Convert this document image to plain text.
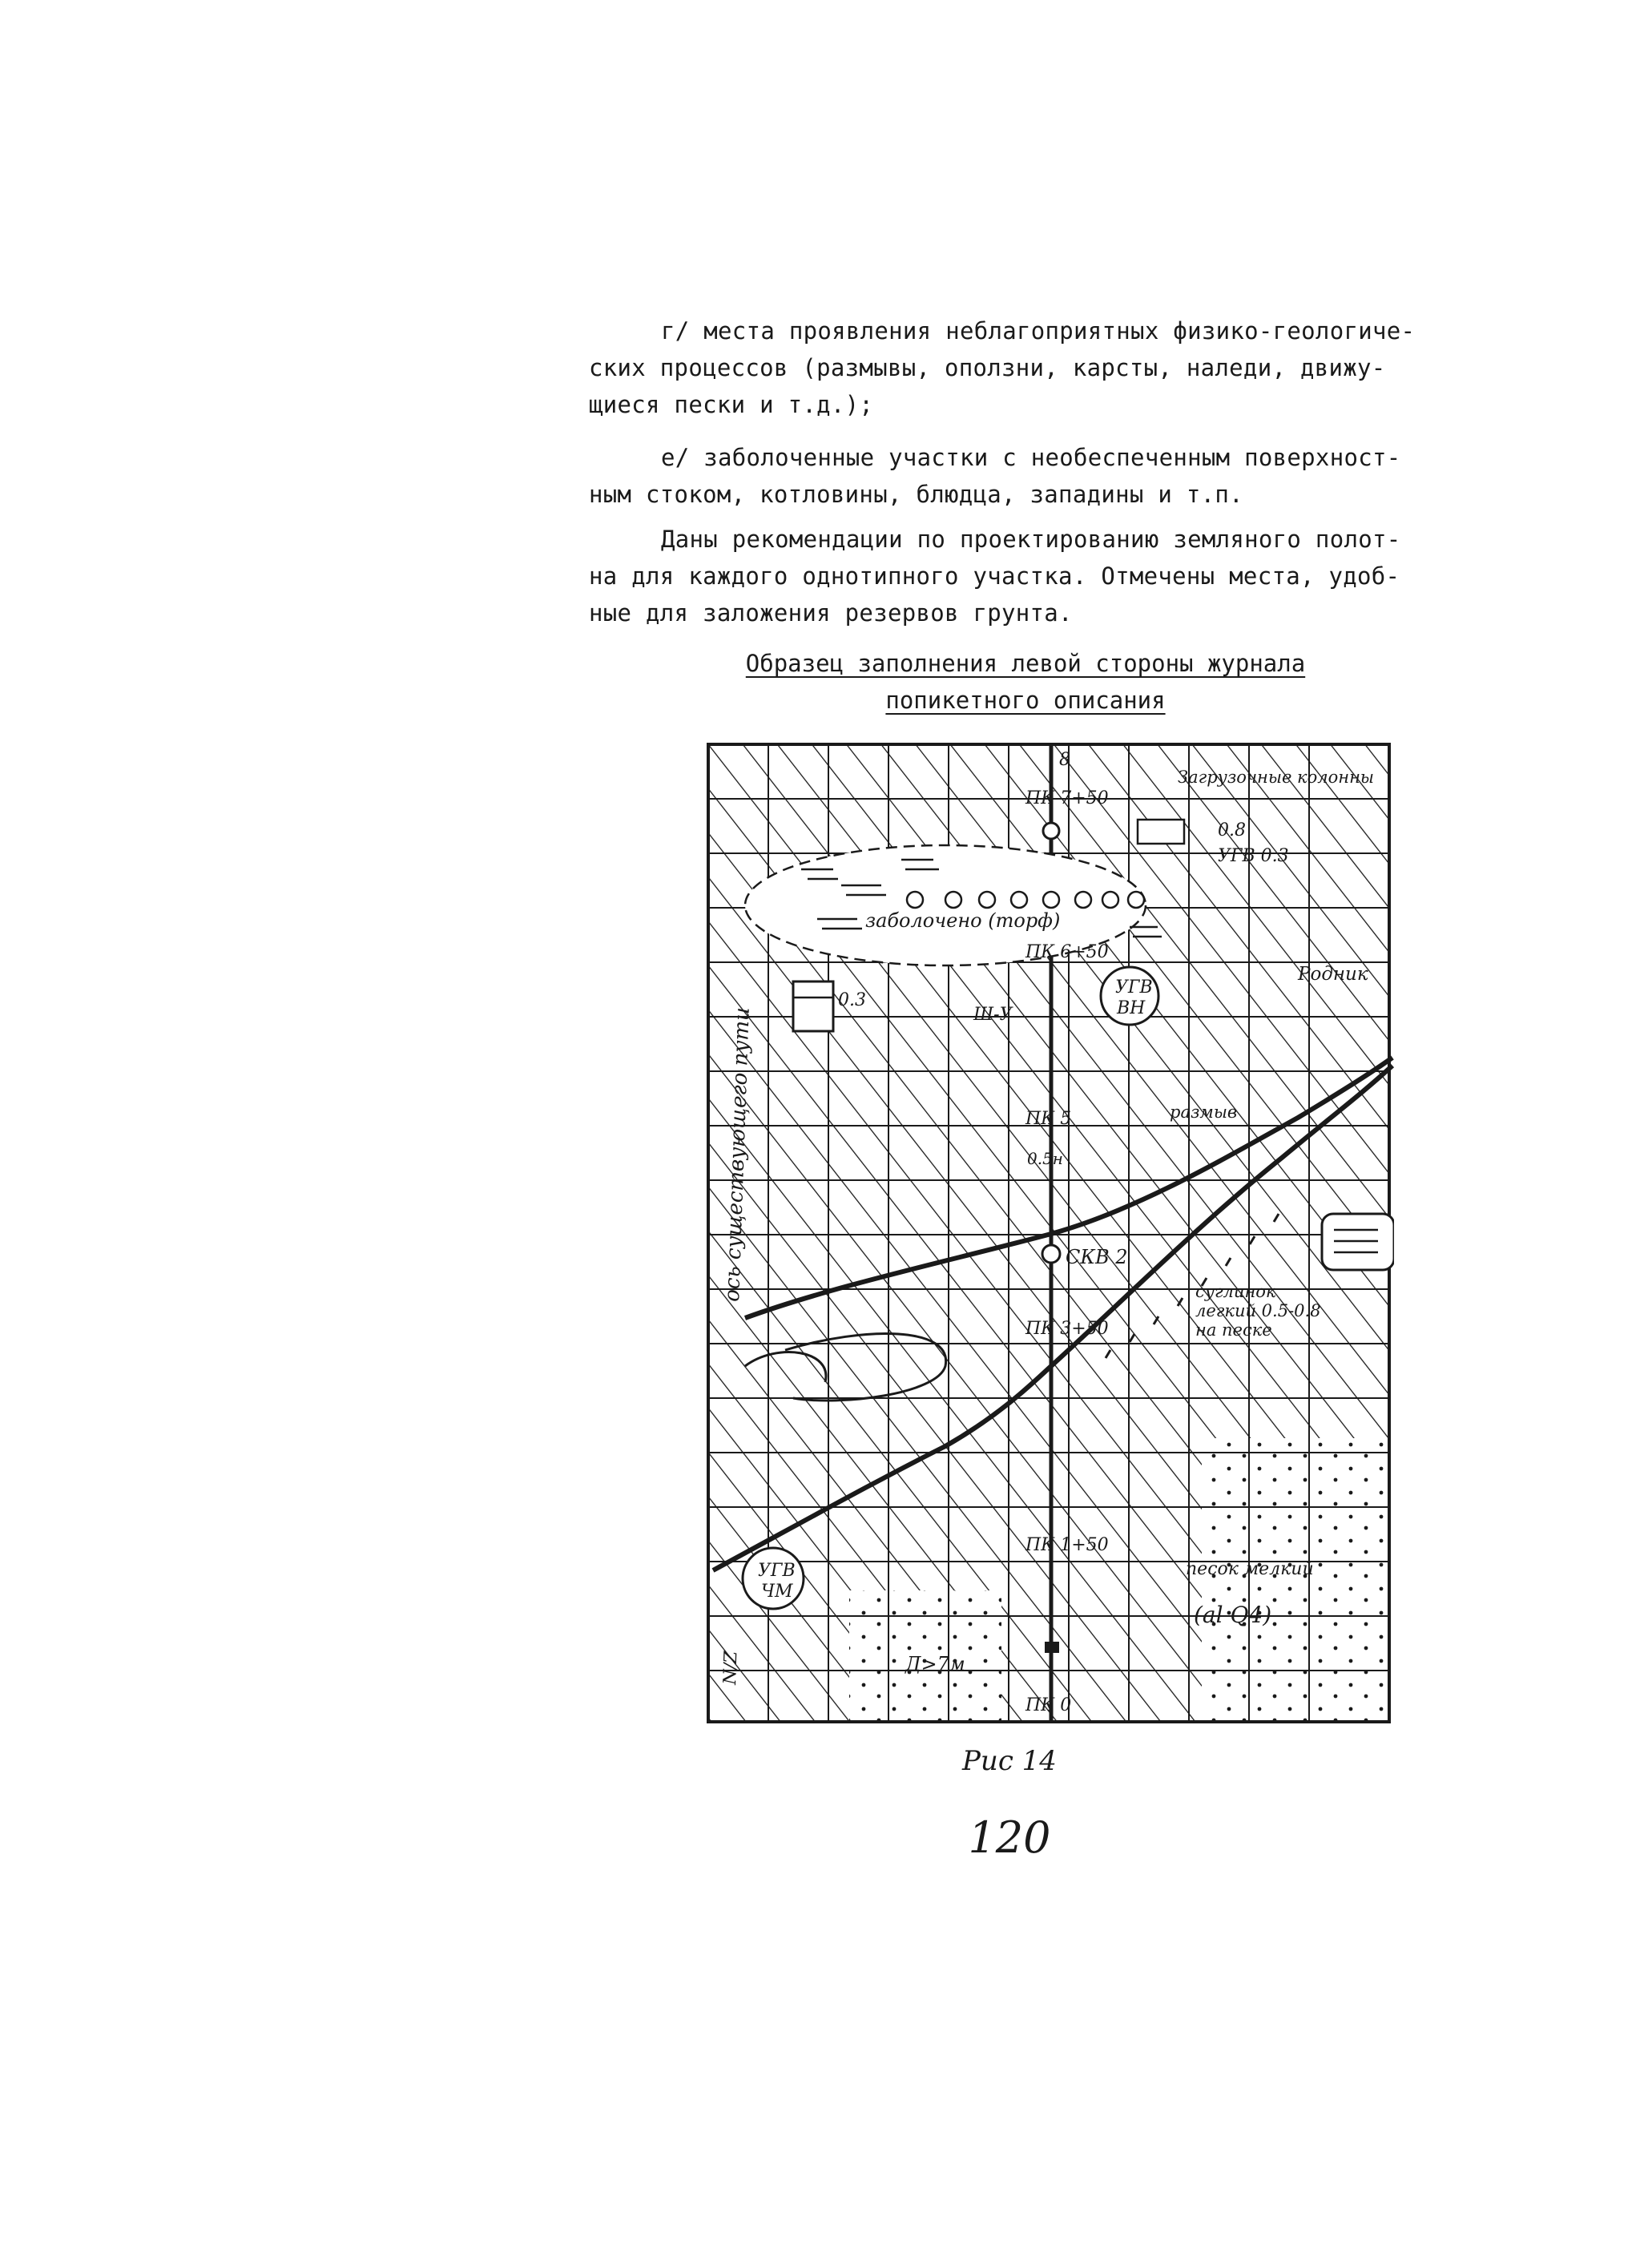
г/ места проявления неблагоприятных физико-геологиче-
ских процессов (размывы, оползни, карсты, наледи, движу-
щиеся пески и т.д.);

е/ заболоченные участки с необеспеченным поверхност-
ным стоком, котловины, блюдца, западины и т.п.

Даны рекомендации по проектированию земляного полот-
на для каждого однотипного участка. Отмечены места, удоб-
ные для заложения резервов грунта.

Образец заполнения левой стороны журнала
попикетного описания
ось существующего пути
Загрузочные колонны
8
ПК 7+50
УГВ 0.3
0.8
заболочено (торф)
ПК 6+50
Родник
УГВ
ВН
0.3
Ш-У
размыв
ПК 5
0.5н
СКВ 2
суглинок
легкий 0.5-0.8
на песке
ПК 3+50
УГВ
ЧМ
ПК 1+50
песок мелкий
(al Q4)
Д>7м
ПК 0
N/Z
Рис 14
120
